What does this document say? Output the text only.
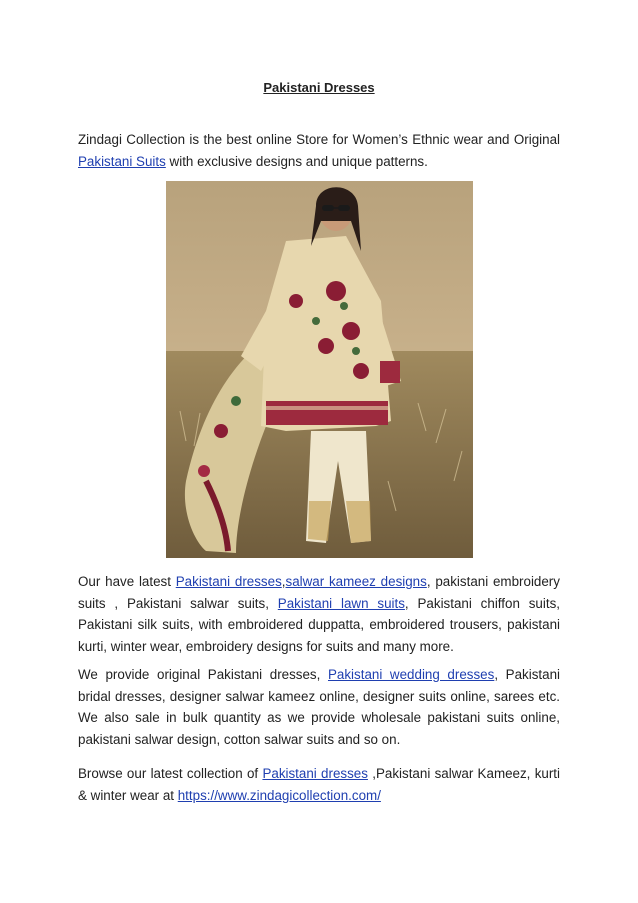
Pakistani Dresses
Zindagi Collection is the best online Store for Women’s Ethnic wear and Original Pakistani Suits with exclusive designs and unique patterns.
Our have latest Pakistani dresses,salwar kameez designs, pakistani embroidery suits , Pakistani salwar suits, Pakistani lawn suits, Pakistani chiffon suits, Pakistani silk suits, with embroidered duppatta, embroidered trousers, pakistani kurti, winter wear, embroidery designs for suits and many more.
We provide original Pakistani dresses, Pakistani wedding dresses, Pakistani bridal dresses, designer salwar kameez online, designer suits online, sarees etc. We also sale in bulk quantity as we provide wholesale pakistani suits online, pakistani salwar design, cotton salwar suits and so on.
Browse our latest collection of Pakistani dresses ,Pakistani salwar Kameez, kurti & winter wear at https://www.zindagicollection.com/
